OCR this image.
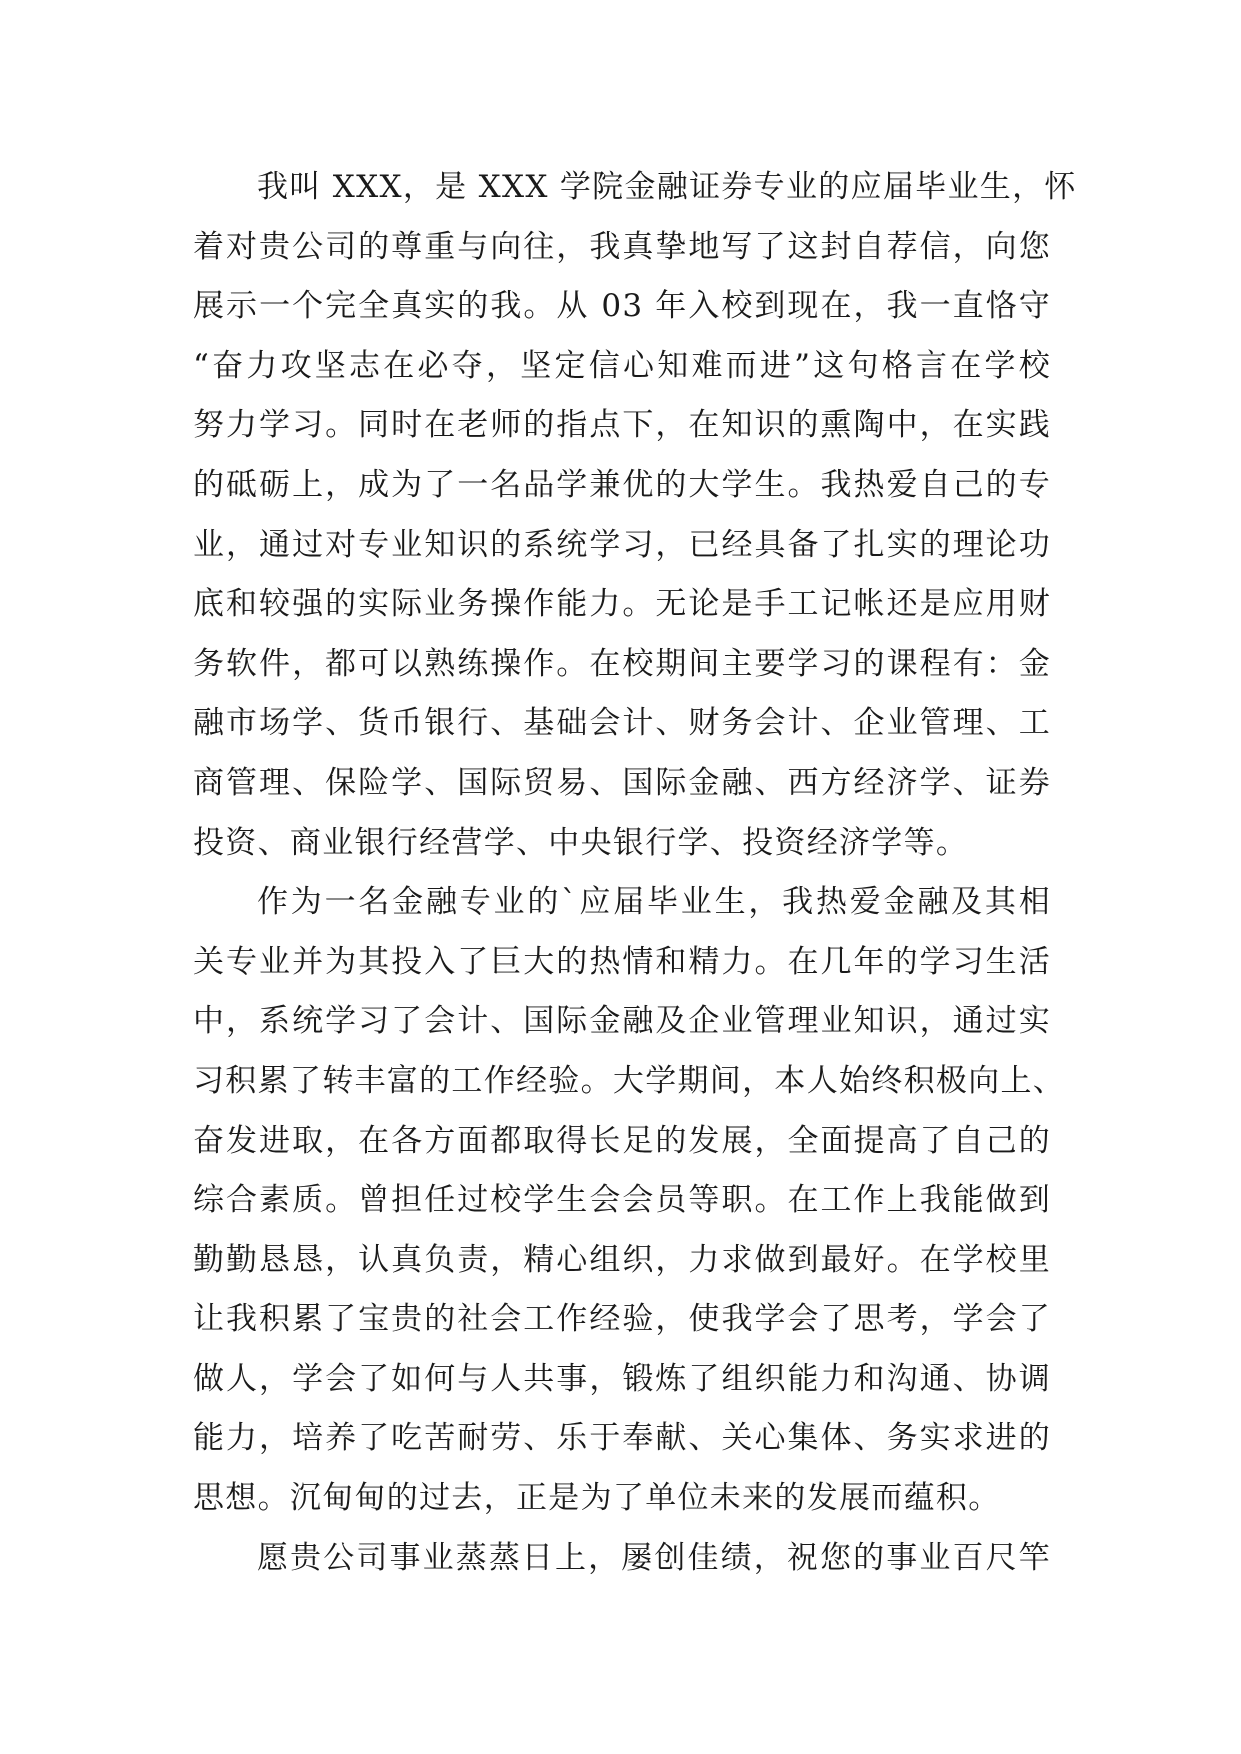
我叫 XXX，是 XXX 学院金融证券专业的应届毕业生，怀
着对贵公司的尊重与向往，我真挚地写了这封自荐信，向您
展示一个完全真实的我。从 03 年入校到现在，我一直恪守
“奋力攻坚志在必夺，坚定信心知难而进”这句格言在学校
努力学习。同时在老师的指点下，在知识的熏陶中，在实践
的砥砺上，成为了一名品学兼优的大学生。我热爱自己的专
业，通过对专业知识的系统学习，已经具备了扎实的理论功
底和较强的实际业务操作能力。无论是手工记帐还是应用财
务软件，都可以熟练操作。在校期间主要学习的课程有：金
融市场学、货币银行、基础会计、财务会计、企业管理、工
商管理、保险学、国际贸易、国际金融、西方经济学、证券
投资、商业银行经营学、中央银行学、投资经济学等。
作为一名金融专业的`应届毕业生，我热爱金融及其相
关专业并为其投入了巨大的热情和精力。在几年的学习生活
中，系统学习了会计、国际金融及企业管理业知识，通过实
习积累了转丰富的工作经验。大学期间，本人始终积极向上、
奋发进取，在各方面都取得长足的发展，全面提高了自己的
综合素质。曾担任过校学生会会员等职。在工作上我能做到
勤勤恳恳，认真负责，精心组织，力求做到最好。在学校里
让我积累了宝贵的社会工作经验，使我学会了思考，学会了
做人，学会了如何与人共事，锻炼了组织能力和沟通、协调
能力，培养了吃苦耐劳、乐于奉献、关心集体、务实求进的
思想。沉甸甸的过去，正是为了单位未来的发展而蕴积。
愿贵公司事业蒸蒸日上，屡创佳绩，祝您的事业百尺竿
